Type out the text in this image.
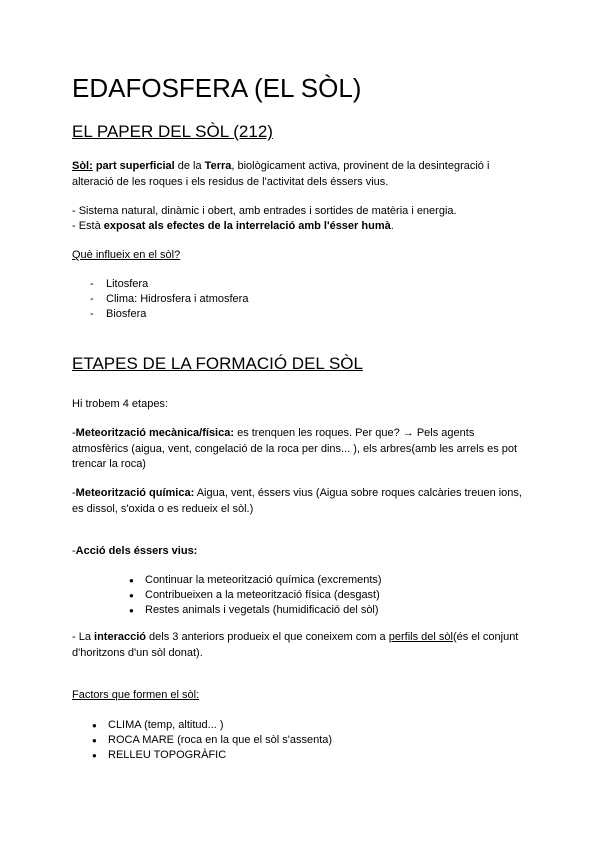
EDAFOSFERA (EL SÒL)
EL PAPER DEL SÒL (212)
Sòl: part superficial de la Terra, biològicament activa, provinent de la desintegració i
alteració de les roques i els residus de l'activitat dels éssers vius.
- Sistema natural, dinàmic i obert, amb entrades i sortides de matèria i energia.
- Està exposat als efectes de la interrelació amb l'ésser humà.
Què influeix en el sòl?
- Litosfera
- Clima: Hidrosfera i atmosfera
- Biosfera
ETAPES DE LA FORMACIÓ DEL SÒL
Hi trobem 4 etapes:
-Meteorització mecànica/física: es trenquen les roques. Per que? → Pels agents
atmosfèrics (aigua, vent, congelació de la roca per dins... ), els arbres(amb les arrels es pot
trencar la roca)
-Meteorització química: Aigua, vent, éssers vius (Aigua sobre roques calcàries treuen ions,
es dissol, s'oxida o es redueix el sòl.)
-Acció dels éssers vius:
● Continuar la meteorització química (excrements)
● Contribueixen a la meteorització física (desgast)
● Restes animals i vegetals (humidificació del sòl)
- La interacció dels 3 anteriors produeix el que coneixem com a perfils del sòl(és el conjunt
d'horitzons d'un sòl donat).
Factors que formen el sòl:
● CLIMA (temp, altitud... )
● ROCA MARE (roca en la que el sòl s'assenta)
● RELLEU TOPOGRÀFIC
